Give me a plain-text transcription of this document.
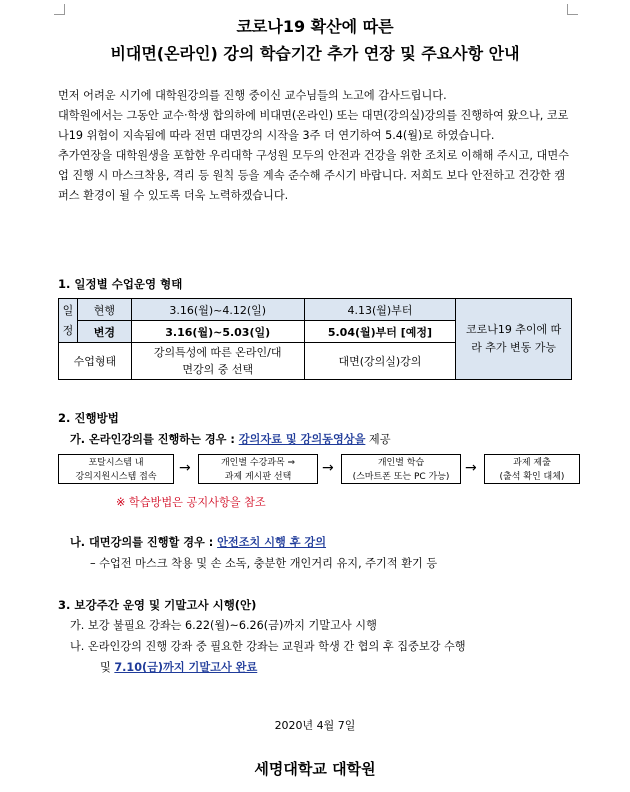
코로나19 확산에 따른
비대면(온라인) 강의 학습기간 추가 연장 및 주요사항 안내

먼저 어려운 시기에 대학원강의를 진행 중이신 교수님들의 노고에 감사드립니다.

대학원에서는 그동안 교수·학생 합의하에 비대면(온라인) 또는 대면(강의실)강의를 진행하여 왔으나, 코로나19 위험이 지속됨에 따라 전면 대면강의 시작을 3주 더 연기하여 5.4(월)로 하였습니다.

추가연장을 대학원생을 포함한 우리대학 구성원 모두의 안전과 건강을 위한 조치로 이해해 주시고, 대면수업 진행 시 마스크착용, 격리 등 원칙 등을 계속 준수해 주시기 바랍니다. 저희도 보다 안전하고 건강한 캠퍼스 환경이 될 수 있도록 더욱 노력하겠습니다.

1. 일정별 수업운영 형태
일정	현행	3.16(월)~4.12(일)	4.13(월)부터	코로나19 추이에 따라 추가 변동 가능
	변경	3.16(월)~5.03(일)	5.04(월)부터 [예정]	
수업형태		강의특성에 따른 온라인/대면강의 중 선택	대면(강의실)강의	
2. 진행방법
가. 온라인강의를 진행하는 경우 : 강의자료 및 강의동영상을 제공
포탈시스템 내
강의지원시스템 접속
→	개인별 수강과목 ⇒
과제 게시판 선택
→	개인별 학습
(스마트폰 또는 PC 가능)
→	과제 제출
(출석 확인 대체)
※ 학습방법은 공지사항을 참조
나. 대면강의를 진행할 경우 : 안전조치 시행 후 강의
– 수업전 마스크 착용 및 손 소독, 충분한 개인거리 유지, 주기적 환기 등
3. 보강주간 운영 및 기말고사 시행(안)
가. 보강 불필요 강좌는 6.22(월)~6.26(금)까지 기말고사 시행
나. 온라인강의 진행 강좌 중 필요한 강좌는 교원과 학생 간 협의 후 집중보강 수행
및 7.10(금)까지 기말고사 완료
2020년 4월 7일
세명대학교 대학원
